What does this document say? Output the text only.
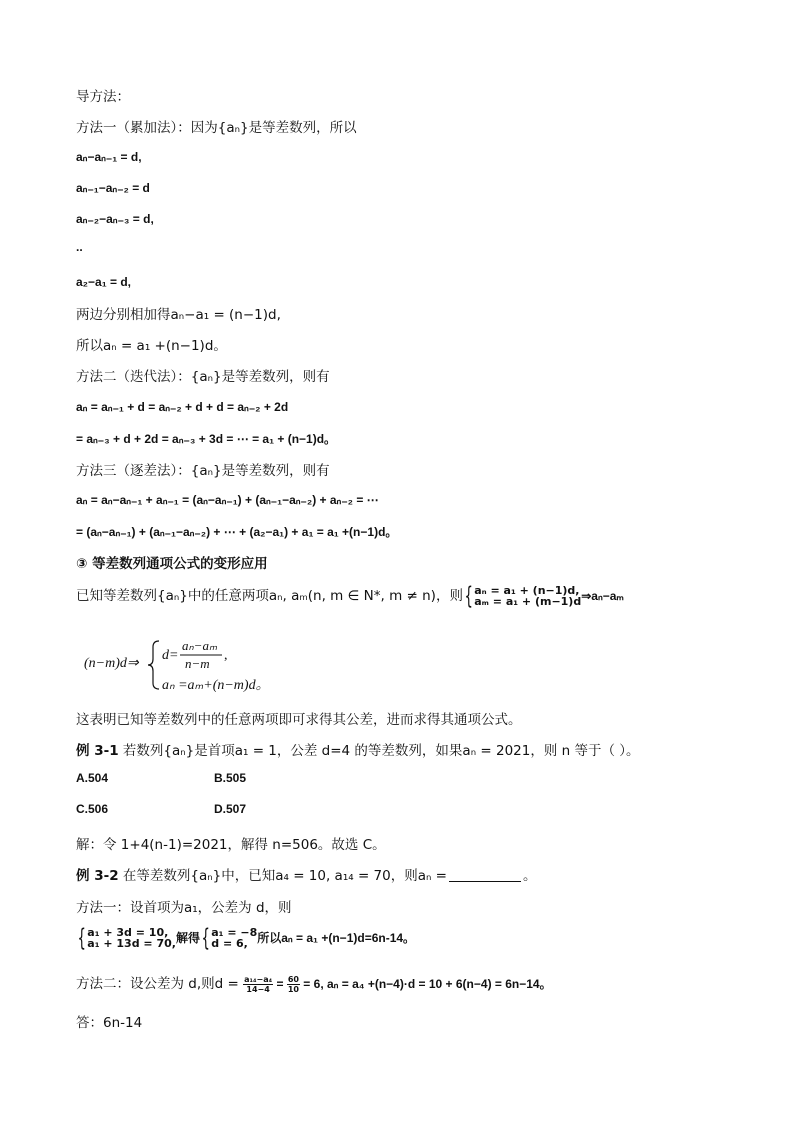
导方法：
方法一（累加法）：因为{aₙ}是等差数列，所以
aₙ−aₙ₋₁ = d,
aₙ₋₁−aₙ₋₂ = d
aₙ₋₂−aₙ₋₃ = d,
..
a₂−a₁ = d,
两边分别相加得aₙ−a₁ = (n−1)d,
所以aₙ = a₁ +(n−1)d。
方法二（迭代法）：{aₙ}是等差数列，则有
aₙ = aₙ₋₁ + d = aₙ₋₂ + d + d = aₙ₋₂ + 2d
= aₙ₋₃ + d + 2d = aₙ₋₃ + 3d = ⋯ = a₁ + (n−1)d。
方法三（逐差法）：{aₙ}是等差数列，则有
aₙ = aₙ−aₙ₋₁ + aₙ₋₁ = (aₙ−aₙ₋₁) + (aₙ₋₁−aₙ₋₂) + aₙ₋₂ = ⋯
= (aₙ−aₙ₋₁) + (aₙ₋₁−aₙ₋₂) + ⋯ + (a₂−a₁) + a₁ = a₁ +(n−1)d。
③ 等差数列通项公式的变形应用
已知等差数列{aₙ}中的任意两项aₙ, aₘ(n, m ∈ N*, m ≠ n)，则 { aₙ = a₁ + (n−1)d,
aₘ = a₁ + (m−1)d ⇒aₙ−aₘ
(n−m)d⇒
d=
aₙ−aₘ
n−m
,
aₙ =aₘ+(n−m)d。
这表明已知等差数列中的任意两项即可求得其公差，进而求得其通项公式。
例 3-1 若数列{aₙ}是首项a₁ = 1，公差 d=4 的等差数列，如果aₙ = 2021，则 n 等于（ ）。
A.504	B.505
C.506	D.507
解：令 1+4(n-1)=2021，解得 n=506。故选 C。
例 3-2 在等差数列{aₙ}中，已知a₄ = 10, a₁₄ = 70，则aₙ =	。
方法一：设首项为a₁，公差为 d，则
{ a₁ + 3d = 10,
a₁ + 13d = 70, 解得 { a₁ = −8
d = 6, 所以aₙ = a₁ +(n−1)d=6n-14。
方法二：设公差为 d,则$d = \frac{\text{a₁₄−a₄}}{14-4} = \frac{60}{10} = 6$, aₙ = a₄ +(n−4)·d = 10 + 6(n−4) = 6n−14。
答：6n-14
